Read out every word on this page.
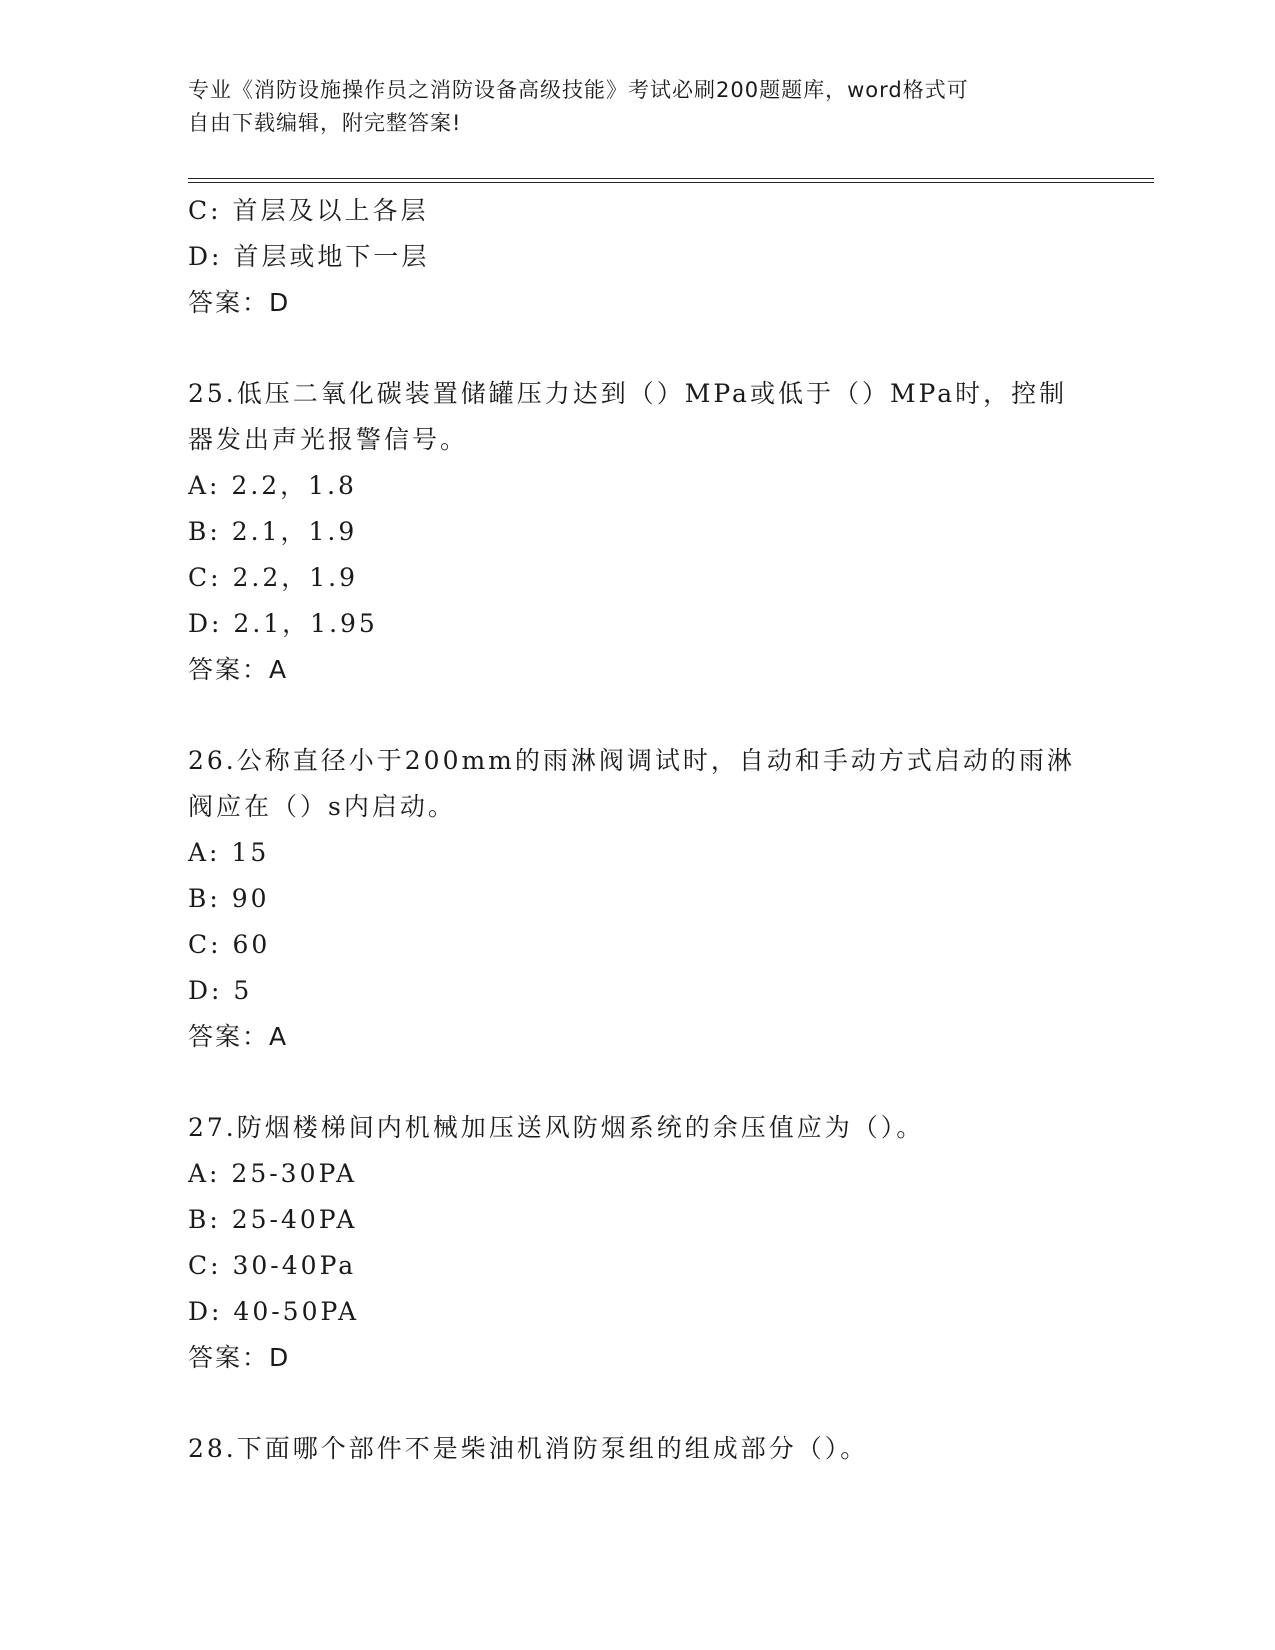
专业《消防设施操作员之消防设备高级技能》考试必刷200题题库，word格式可
自由下载编辑，附完整答案!
C: 首层及以上各层
D: 首层或地下一层
答案：D
25.低压二氧化碳装置储罐压力达到（）MPa或低于（）MPa时，控制
器发出声光报警信号。
A: 2.2，1.8
B: 2.1，1.9
C: 2.2，1.9
D: 2.1，1.95
答案：A
26.公称直径小于200mm的雨淋阀调试时，自动和手动方式启动的雨淋
阀应在（）s内启动。
A: 15
B: 90
C: 60
D: 5
答案：A
27.防烟楼梯间内机械加压送风防烟系统的余压值应为（）。
A: 25-30PA
B: 25-40PA
C: 30-40Pa
D: 40-50PA
答案：D
28.下面哪个部件不是柴油机消防泵组的组成部分（）。
